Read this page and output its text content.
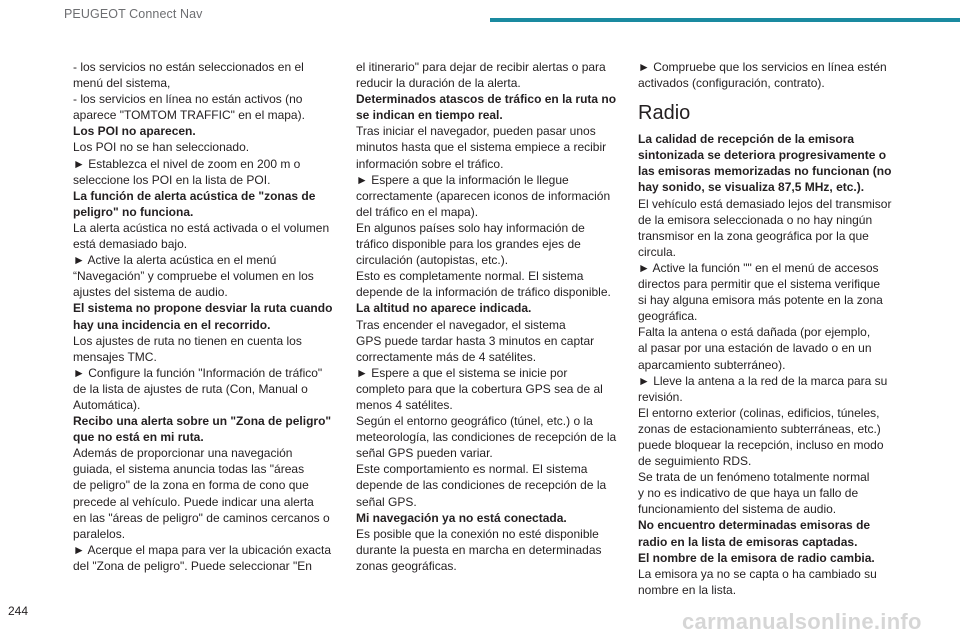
PEUGEOT Connect Nav

- los servicios no están seleccionados en el

menú del sistema,

- los servicios en línea no están activos (no

aparece "TOMTOM TRAFFIC" en el mapa).

Los POI no aparecen.

Los POI no se han seleccionado.

► Establezca el nivel de zoom en 200 m o

seleccione los POI en la lista de POI.

La función de alerta acústica de "zonas de

peligro" no funciona.

La alerta acústica no está activada o el volumen

está demasiado bajo.

► Active la alerta acústica en el menú

“Navegación” y compruebe el volumen en los

ajustes del sistema de audio.

El sistema no propone desviar la ruta cuando

hay una incidencia en el recorrido.

Los ajustes de ruta no tienen en cuenta los

mensajes TMC.

► Configure la función "Información de tráfico"

de la lista de ajustes de ruta (Con, Manual o

Automática).

Recibo una alerta sobre un "Zona de peligro"

que no está en mi ruta.

Además de proporcionar una navegación

guiada, el sistema anuncia todas las "áreas

de peligro" de la zona en forma de cono que

precede al vehículo. Puede indicar una alerta

en las "áreas de peligro" de caminos cercanos o

paralelos.

► Acerque el mapa para ver la ubicación exacta

del "Zona de peligro". Puede seleccionar "En

el itinerario" para dejar de recibir alertas o para

reducir la duración de la alerta.

Determinados atascos de tráfico en la ruta no

se indican en tiempo real.

Tras iniciar el navegador, pueden pasar unos

minutos hasta que el sistema empiece a recibir

información sobre el tráfico.

► Espere a que la información le llegue

correctamente (aparecen iconos de información

del tráfico en el mapa).

En algunos países solo hay información de

tráfico disponible para los grandes ejes de

circulación (autopistas, etc.).

Esto es completamente normal. El sistema

depende de la información de tráfico disponible.

La altitud no aparece indicada.

Tras encender el navegador, el sistema

GPS puede tardar hasta 3 minutos en captar

correctamente más de 4 satélites.

► Espere a que el sistema se inicie por

completo para que la cobertura GPS sea de al

menos 4 satélites.

Según el entorno geográfico (túnel, etc.) o la

meteorología, las condiciones de recepción de la

señal GPS pueden variar.

Este comportamiento es normal. El sistema

depende de las condiciones de recepción de la

señal GPS.

Mi navegación ya no está conectada.

Es posible que la conexión no esté disponible

durante la puesta en marcha en determinadas

zonas geográficas.

► Compruebe que los servicios en línea estén

activados (configuración, contrato).

Radio

La calidad de recepción de la emisora

sintonizada se deteriora progresivamente o

las emisoras memorizadas no funcionan (no

hay sonido, se visualiza 87,5 MHz, etc.).

El vehículo está demasiado lejos del transmisor

de la emisora seleccionada o no hay ningún

transmisor en la zona geográfica por la que

circula.

► Active la función "" en el menú de accesos

directos para permitir que el sistema verifique

si hay alguna emisora más potente en la zona

geográfica.

Falta la antena o está dañada (por ejemplo,

al pasar por una estación de lavado o en un

aparcamiento subterráneo).

► Lleve la antena a la red de la marca para su

revisión.

El entorno exterior (colinas, edificios, túneles,

zonas de estacionamiento subterráneas, etc.)

puede bloquear la recepción, incluso en modo

de seguimiento RDS.

Se trata de un fenómeno totalmente normal

y no es indicativo de que haya un fallo de

funcionamiento del sistema de audio.

No encuentro determinadas emisoras de

radio en la lista de emisoras captadas.

El nombre de la emisora de radio cambia.

La emisora ya no se capta o ha cambiado su

nombre en la lista.

244	carmanualsonline.info
